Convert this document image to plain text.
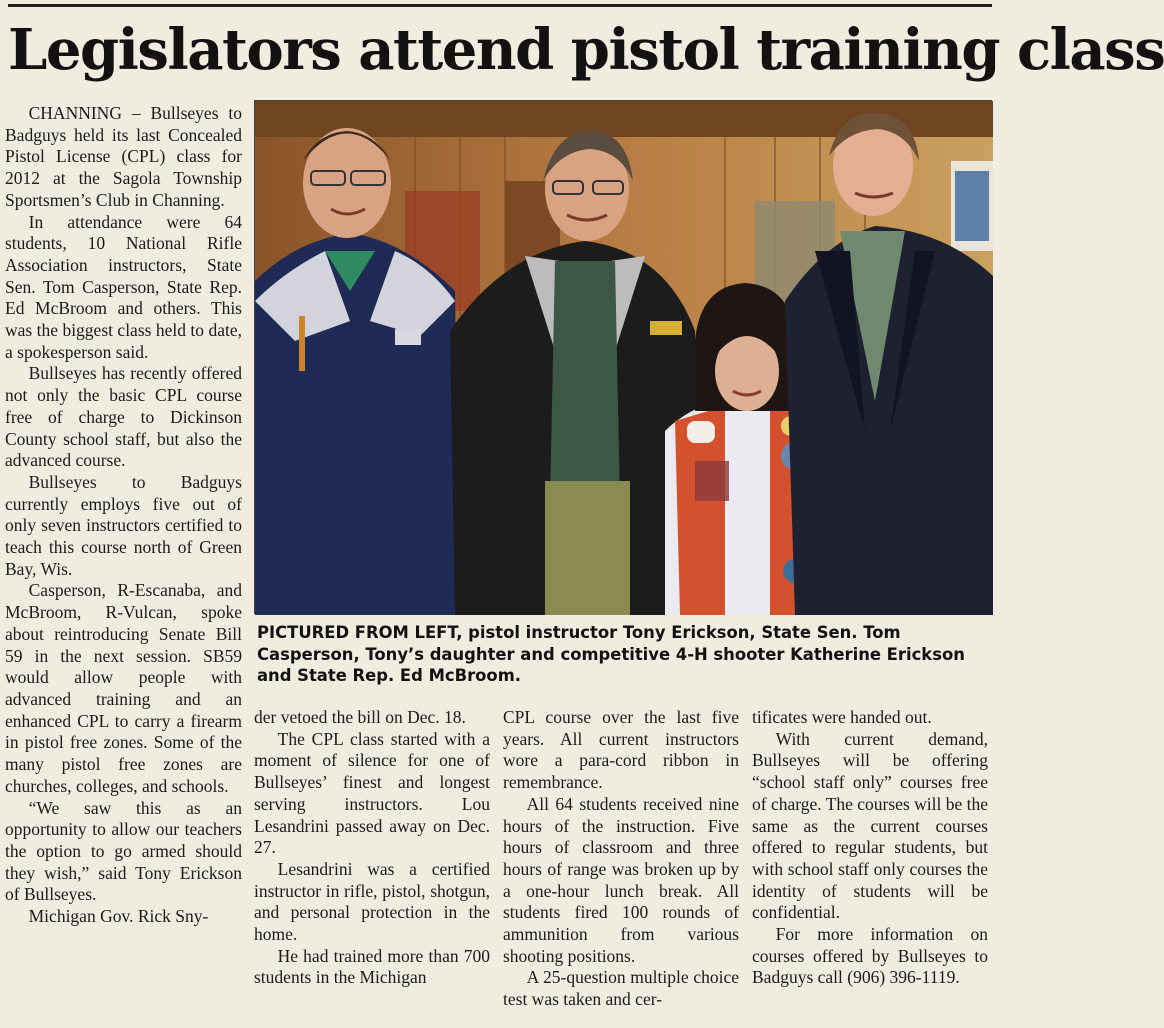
Legislators attend pistol training class

CHANNING – Bullseyes to Badguys held its last Concealed Pistol License (CPL) class for 2012 at the Sagola Township Sportsmen’s Club in Channing.

In attendance were 64 students, 10 National Rifle Association instructors, State Sen. Tom Casperson, State Rep. Ed McBroom and others. This was the biggest class held to date, a spokesperson said.

Bullseyes has recently offered not only the basic CPL course free of charge to Dickinson County school staff, but also the advanced course.

Bullseyes to Badguys currently employs five out of only seven instructors certified to teach this course north of Green Bay, Wis.

Casperson, R-Escanaba, and McBroom, R-Vulcan, spoke about reintroducing Senate Bill 59 in the next session. SB59 would allow people with advanced training and an enhanced CPL to carry a firearm in pistol free zones. Some of the many pistol free zones are churches, colleges, and schools.

“We saw this as an opportunity to allow our teachers the option to go armed should they wish,” said Tony Erickson of Bullseyes.

Michigan Gov. Rick Sny-

PICTURED FROM LEFT, pistol instructor Tony Erickson, State Sen. Tom Casperson, Tony’s daughter and competitive 4-H shooter Katherine Erickson and State Rep. Ed McBroom.

der vetoed the bill on Dec. 18.

The CPL class started with a moment of silence for one of Bullseyes’ finest and longest serving instructors. Lou Lesandrini passed away on Dec. 27.

Lesandrini was a certified instructor in rifle, pistol, shotgun, and personal protection in the home.

He had trained more than 700 students in the Michigan

CPL course over the last five years. All current instructors wore a para-cord ribbon in remembrance.

All 64 students received nine hours of the instruction. Five hours of classroom and three hours of range was broken up by a one-hour lunch break. All students fired 100 rounds of ammunition from various shooting positions.

A 25-question multiple choice test was taken and cer-

tificates were handed out.

With current demand, Bullseyes will be offering “school staff only” courses free of charge. The courses will be the same as the current courses offered to regular students, but with school staff only courses the identity of students will be confidential.

For more information on courses offered by Bullseyes to Badguys call (906) 396-1119.
